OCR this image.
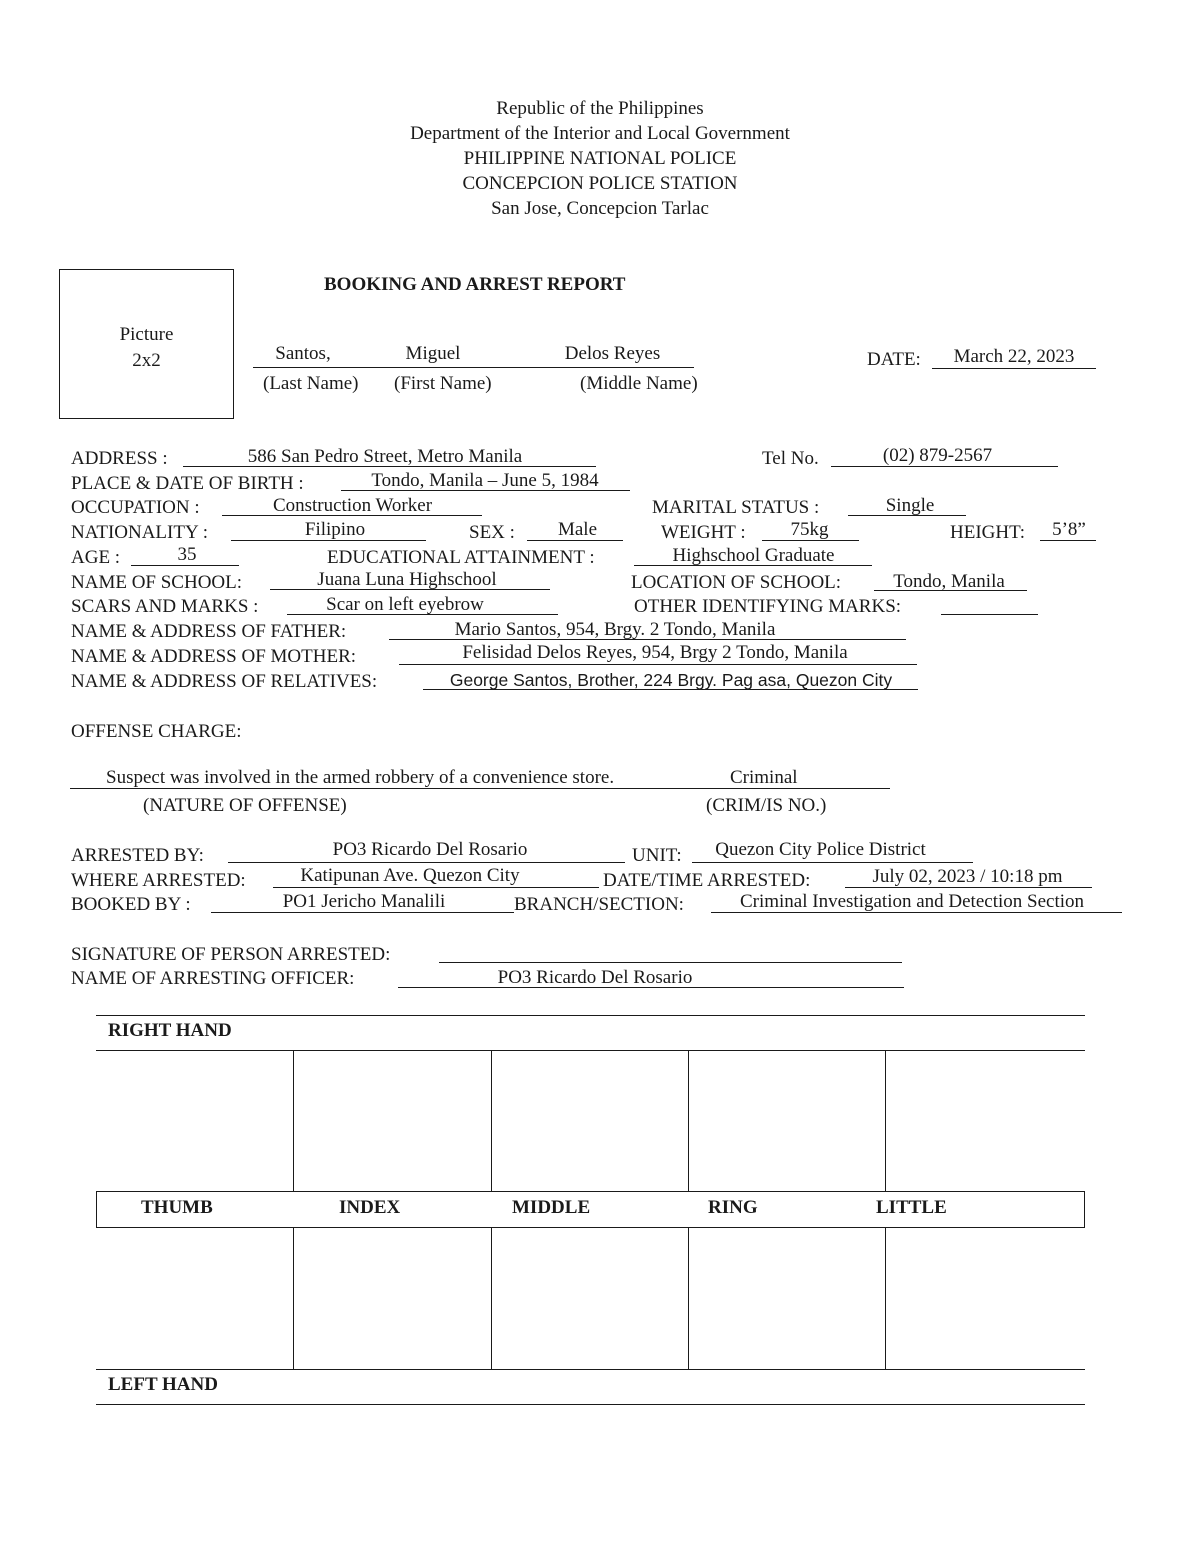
Republic of the Philippines
Department of the Interior and Local Government
PHILIPPINE NATIONAL POLICE
CONCEPCION POLICE STATION
San Jose, Concepcion Tarlac
Picture
2x2
BOOKING AND ARREST REPORT
Santos,	Miguel	Delos Reyes
(Last Name) (First Name)	(Middle Name)
DATE:	March 22, 2023
ADDRESS :	586 San Pedro Street, Metro Manila	Tel No.	(02) 879-2567
PLACE & DATE OF BIRTH :	Tondo, Manila – June 5, 1984
OCCUPATION :	Construction Worker	MARITAL STATUS :	Single
NATIONALITY :	Filipino	SEX :	Male	WEIGHT :	75kg	HEIGHT:	5’8”
AGE :	35	EDUCATIONAL ATTAINMENT :	Highschool Graduate
NAME OF SCHOOL:	Juana Luna Highschool	LOCATION OF SCHOOL:	Tondo, Manila
SCARS AND MARKS :	Scar on left eyebrow	OTHER IDENTIFYING MARKS:
NAME & ADDRESS OF FATHER:	Mario Santos, 954, Brgy. 2 Tondo, Manila
NAME & ADDRESS OF MOTHER:	Felisidad Delos Reyes, 954, Brgy 2 Tondo, Manila
NAME & ADDRESS OF RELATIVES:	George Santos, Brother, 224 Brgy. Pag asa, Quezon City
OFFENSE CHARGE:
Suspect was involved in the armed robbery of a convenience store.	Criminal
(NATURE OF OFFENSE)	(CRIM/IS NO.)
ARRESTED BY:	PO3 Ricardo Del Rosario	UNIT:	Quezon City Police District
WHERE ARRESTED:	Katipunan Ave. Quezon City	DATE/TIME ARRESTED:	July 02, 2023 / 10:18 pm
BOOKED BY :	PO1 Jericho Manalili	BRANCH/SECTION:	Criminal Investigation and Detection Section
SIGNATURE OF PERSON ARRESTED:
NAME OF ARRESTING OFFICER:	PO3 Ricardo Del Rosario
RIGHT HAND
THUMB	INDEX	MIDDLE	RING	LITTLE
LEFT HAND
